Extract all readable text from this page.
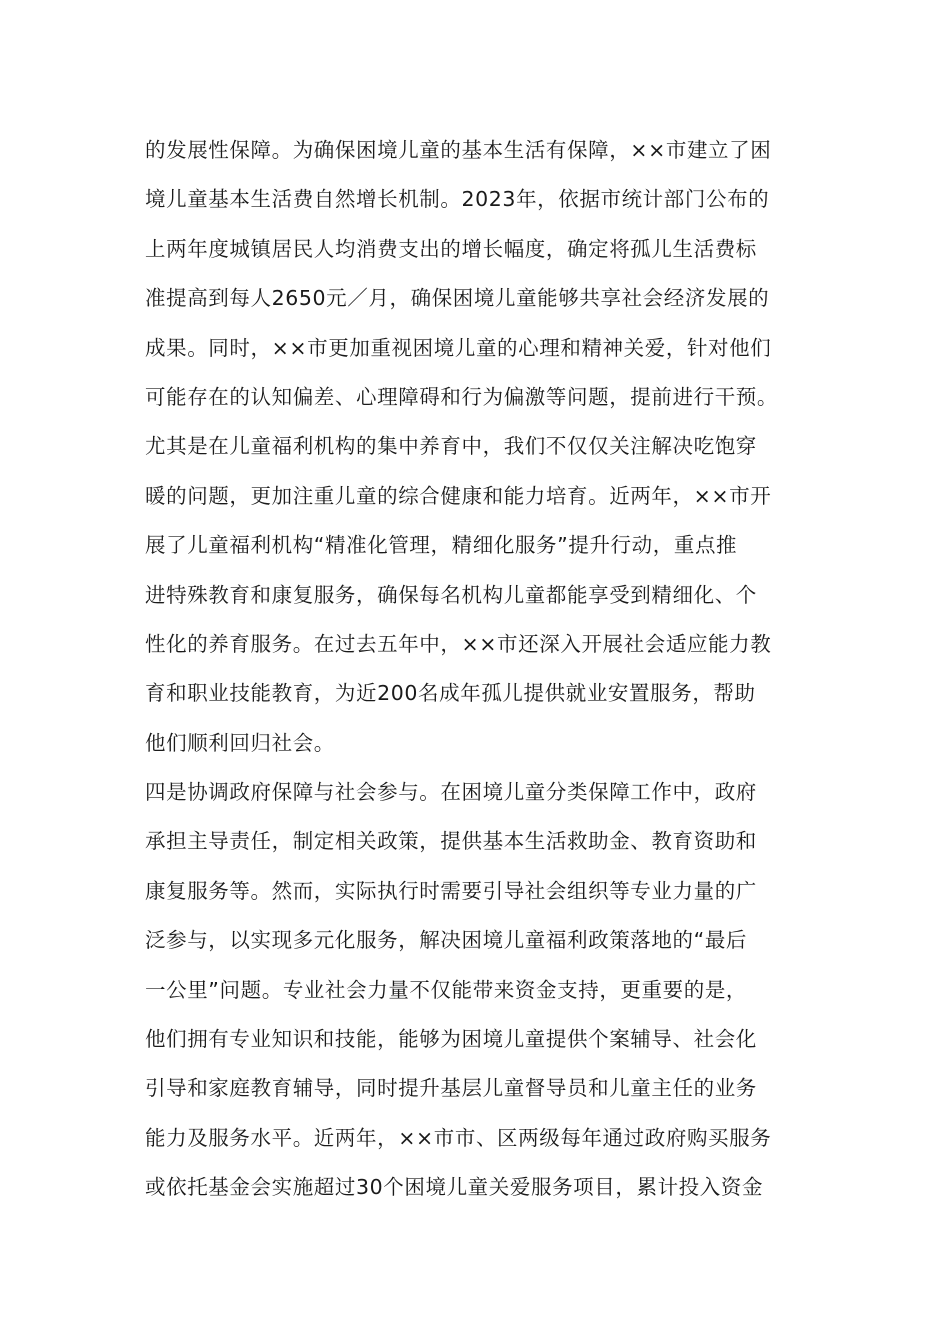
的发展性保障。为确保困境儿童的基本生活有保障，××市建立了困
境儿童基本生活费自然增长机制。2023年，依据市统计部门公布的
上两年度城镇居民人均消费支出的增长幅度，确定将孤儿生活费标
准提高到每人2650元／月，确保困境儿童能够共享社会经济发展的
成果。同时，××市更加重视困境儿童的心理和精神关爱，针对他们
可能存在的认知偏差、心理障碍和行为偏激等问题，提前进行干预。
尤其是在儿童福利机构的集中养育中，我们不仅仅关注解决吃饱穿
暖的问题，更加注重儿童的综合健康和能力培育。近两年，××市开
展了儿童福利机构“精准化管理，精细化服务”提升行动，重点推
进特殊教育和康复服务，确保每名机构儿童都能享受到精细化、个
性化的养育服务。在过去五年中，××市还深入开展社会适应能力教
育和职业技能教育，为近200名成年孤儿提供就业安置服务，帮助
他们顺利回归社会。
四是协调政府保障与社会参与。在困境儿童分类保障工作中，政府
承担主导责任，制定相关政策，提供基本生活救助金、教育资助和
康复服务等。然而，实际执行时需要引导社会组织等专业力量的广
泛参与，以实现多元化服务，解决困境儿童福利政策落地的“最后
一公里”问题。专业社会力量不仅能带来资金支持，更重要的是，
他们拥有专业知识和技能，能够为困境儿童提供个案辅导、社会化
引导和家庭教育辅导，同时提升基层儿童督导员和儿童主任的业务
能力及服务水平。近两年，××市市、区两级每年通过政府购买服务
或依托基金会实施超过30个困境儿童关爱服务项目，累计投入资金
